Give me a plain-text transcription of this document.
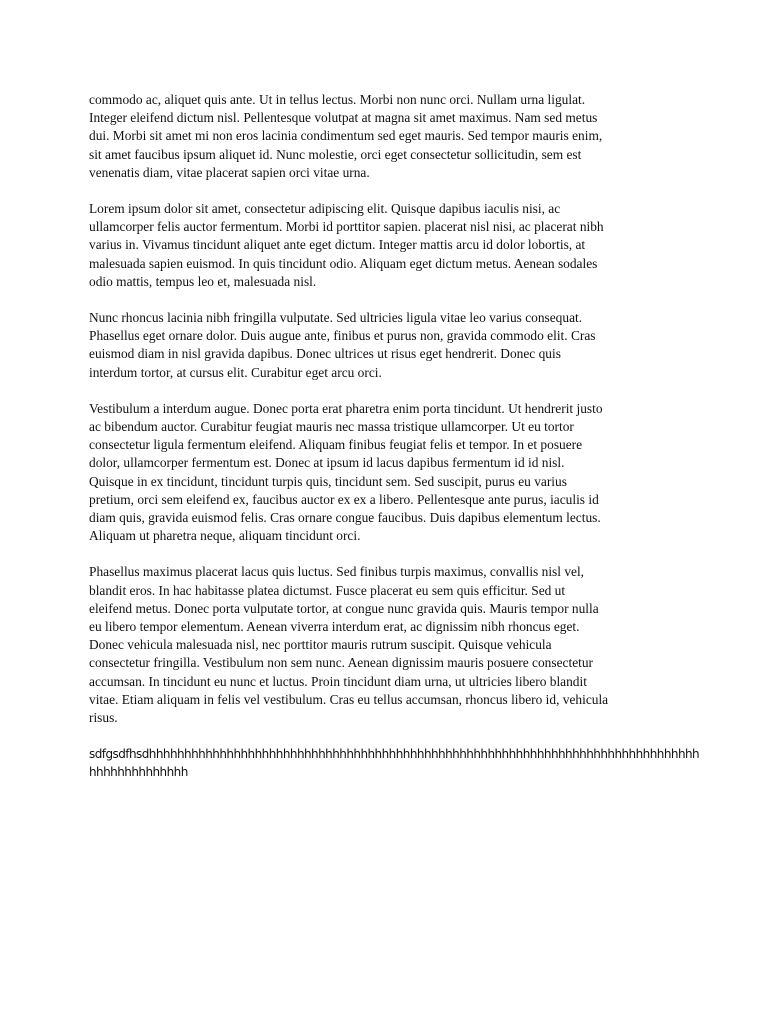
commodo ac, aliquet quis ante. Ut in tellus lectus. Morbi non nunc orci. Nullam urna ligulat.
Integer eleifend dictum nisl. Pellentesque volutpat at magna sit amet maximus. Nam sed metus
dui. Morbi sit amet mi non eros lacinia condimentum sed eget mauris. Sed tempor mauris enim,
sit amet faucibus ipsum aliquet id. Nunc molestie, orci eget consectetur sollicitudin, sem est
venenatis diam, vitae placerat sapien orci vitae urna.

Lorem ipsum dolor sit amet, consectetur adipiscing elit. Quisque dapibus iaculis nisi, ac
ullamcorper felis auctor fermentum. Morbi id porttitor sapien. placerat nisl nisi, ac placerat nibh
varius in. Vivamus tincidunt aliquet ante eget dictum. Integer mattis arcu id dolor lobortis, at
malesuada sapien euismod. In quis tincidunt odio. Aliquam eget dictum metus. Aenean sodales
odio mattis, tempus leo et, malesuada nisl.

Nunc rhoncus lacinia nibh fringilla vulputate. Sed ultricies ligula vitae leo varius consequat.
Phasellus eget ornare dolor. Duis augue ante, finibus et purus non, gravida commodo elit. Cras
euismod diam in nisl gravida dapibus. Donec ultrices ut risus eget hendrerit. Donec quis
interdum tortor, at cursus elit. Curabitur eget arcu orci.

Vestibulum a interdum augue. Donec porta erat pharetra enim porta tincidunt. Ut hendrerit justo
ac bibendum auctor. Curabitur feugiat mauris nec massa tristique ullamcorper. Ut eu tortor
consectetur ligula fermentum eleifend. Aliquam finibus feugiat felis et tempor. In et posuere
dolor, ullamcorper fermentum est. Donec at ipsum id lacus dapibus fermentum id id nisl.
Quisque in ex tincidunt, tincidunt turpis quis, tincidunt sem. Sed suscipit, purus eu varius
pretium, orci sem eleifend ex, faucibus auctor ex ex a libero. Pellentesque ante purus, iaculis id
diam quis, gravida euismod felis. Cras ornare congue faucibus. Duis dapibus elementum lectus.
Aliquam ut pharetra neque, aliquam tincidunt orci.

Phasellus maximus placerat lacus quis luctus. Sed finibus turpis maximus, convallis nisl vel,
blandit eros. In hac habitasse platea dictumst. Fusce placerat eu sem quis efficitur. Sed ut
eleifend metus. Donec porta vulputate tortor, at congue nunc gravida quis. Mauris tempor nulla
eu libero tempor elementum. Aenean viverra interdum erat, ac dignissim nibh rhoncus eget.
Donec vehicula malesuada nisl, nec porttitor mauris rutrum suscipit. Quisque vehicula
consectetur fringilla. Vestibulum non sem nunc. Aenean dignissim mauris posuere consectetur
accumsan. In tincidunt eu nunc et luctus. Proin tincidunt diam urna, ut ultricies libero blandit
vitae. Etiam aliquam in felis vel vestibulum. Cras eu tellus accumsan, rhoncus libero id, vehicula
risus.

sdfgsdfhsdhhhhhhhhhhhhhhhhhhhhhhhhhhhhhhhhhhhhhhhhhhhhhhhhhhhhhhhhhhhhhhhhhhhhhhhhhhhhhh
hhhhhhhhhhhhhh
